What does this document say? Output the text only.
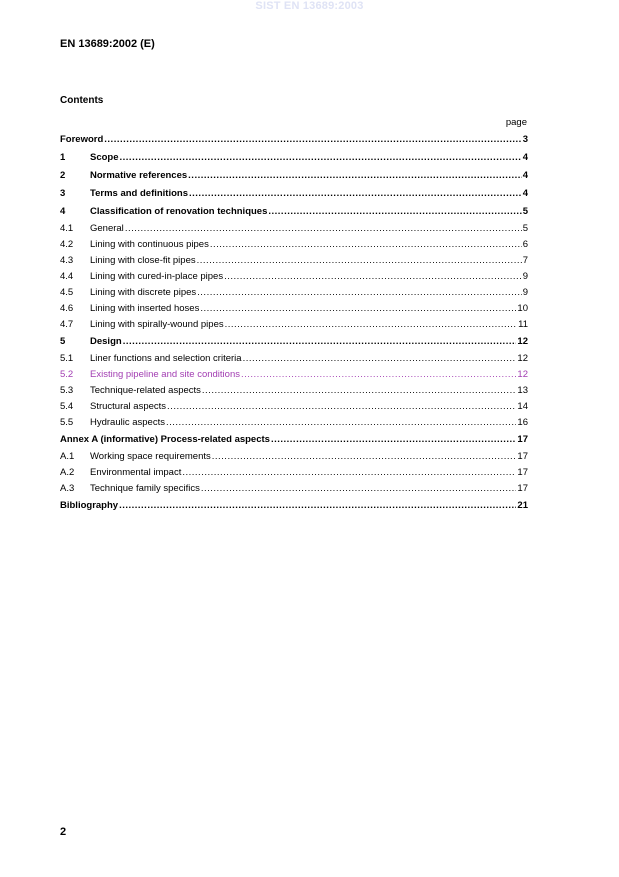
SIST EN 13689:2003
EN 13689:2002 (E)
Contents
page
Foreword .....	3
1	Scope .....	4
2	Normative references .....	4
3	Terms and definitions .....	4
4	Classification of renovation techniques .....	5
4.1	General .....	5
4.2	Lining with continuous pipes .....	6
4.3	Lining with close-fit pipes .....	7
4.4	Lining with cured-in-place pipes .....	9
4.5	Lining with discrete pipes .....	9
4.6	Lining with inserted hoses .....	10
4.7	Lining with spirally-wound pipes .....	11
5	Design .....	12
5.1	Liner functions and selection criteria .....	12
5.2	Existing pipeline and site conditions .....	12
5.3	Technique-related aspects .....	13
5.4	Structural aspects .....	14
5.5	Hydraulic aspects .....	16
Annex A (informative) Process-related aspects .....	17
A.1	Working space requirements .....	17
A.2	Environmental impact .....	17
A.3	Technique family specifics .....	17
Bibliography .....	21
2
